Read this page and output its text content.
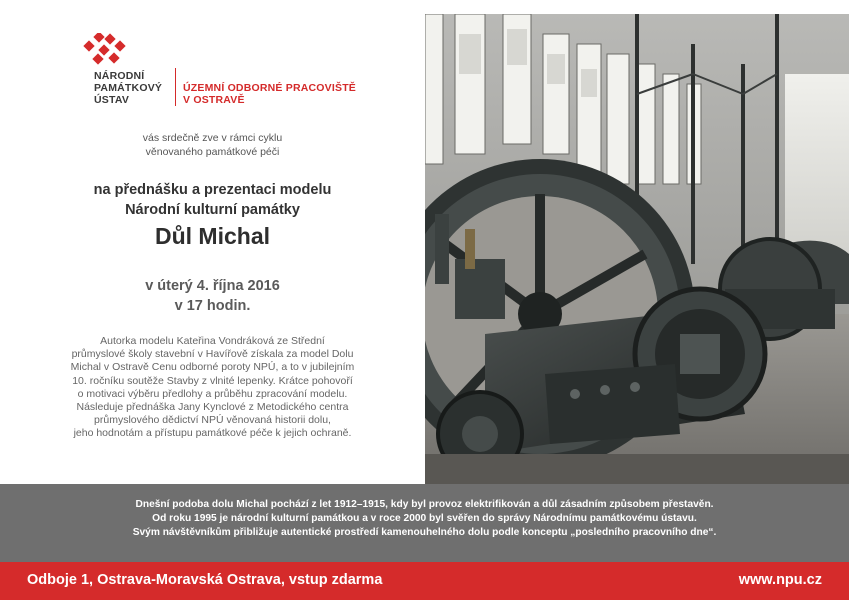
NÁRODNÍ
PAMÁTKOVÝ
ÚSTAV
ÚZEMNÍ ODBORNÉ PRACOVIŠTĚ
V OSTRAVĚ
vás srdečně zve v rámci cyklu
věnovaného památkové péči
na přednášku a prezentaci modelu
Národní kulturní památky
Důl Michal
v úterý 4. října 2016
v 17 hodin.
Autorka modelu Kateřina Vondráková ze Střední
průmyslové školy stavební v Havířově získala za model Dolu
Michal v Ostravě Cenu odborné poroty NPÚ, a to v jubilejním
10. ročníku soutěže Stavby z vlnité lepenky. Krátce pohovoří
o motivaci výběru předlohy a průběhu zpracování modelu.
Následuje přednáška Jany Kynclové z Metodického centra
průmyslového dědictví NPÚ věnovaná historii dolu,
jeho hodnotám a přístupu památkové péče k jejich ochraně.
Dnešní podoba dolu Michal pochází z let 1912–1915, kdy byl provoz elektrifikován a důl zásadním způsobem přestavěn.
Od roku 1995 je národní kulturní památkou a v roce 2000 byl svěřen do správy Národnímu památkovému ústavu.
Svým návštěvníkům přibližuje autentické prostředí kamenouhelného dolu podle konceptu „posledního pracovního dne“.
Odboje 1, Ostrava-Moravská Ostrava, vstup zdarma	www.npu.cz
